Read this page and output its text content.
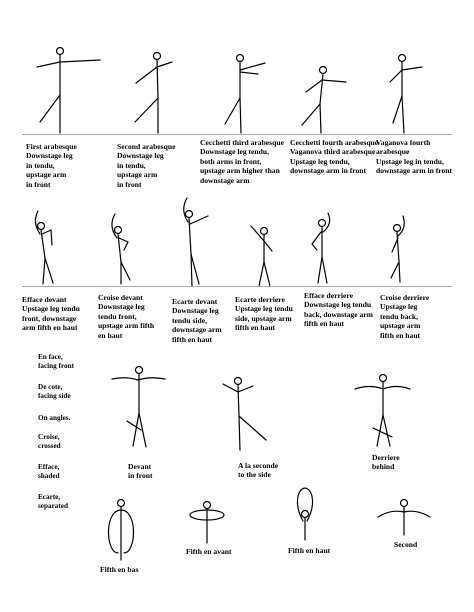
First arabesque
Downstage leg
in tendu,
upstage arm
in front

Second arabesque
Downstage leg
in tendu,
upstage arm
in front

Cecchetti third arabesque
Downstage leg tendu,
both arms in front,
upstage arm higher than
downstage arm

Cecchetti fourth arabesque
Vaganova third arabesque
Upstage leg tendu,
downstage arm in front

Vaganova fourth
arabesque
Upstage leg in tendu,
downstage arm in front

Efface devant
Upstage leg tendu
front, downstage
arm fifth en haut

Croise devant
Downstage leg
tendu front,
upstage arm fifth
en haut

Ecarte devant
Downstage leg
tendu side,
downstage arm
fifth en haut

Ecarte derriere
Upstage leg tendu
side, upstage arm
fifth en haut

Efface derriere
Downstage leg tendu
back, downstage arm
fifth en haut

Croise derriere
Upstage leg
tendu back,
upstage arm
fifth en haut

En face,
facing front

De cote,
facing side

On angles.

Croise,
crossed

Efface,
shaded

Ecarte,
separated

Devant
in front

A la seconde
to the side

Derriere
behind

Fifth en bas

Fifth en avant	Fifth en haut

Second
